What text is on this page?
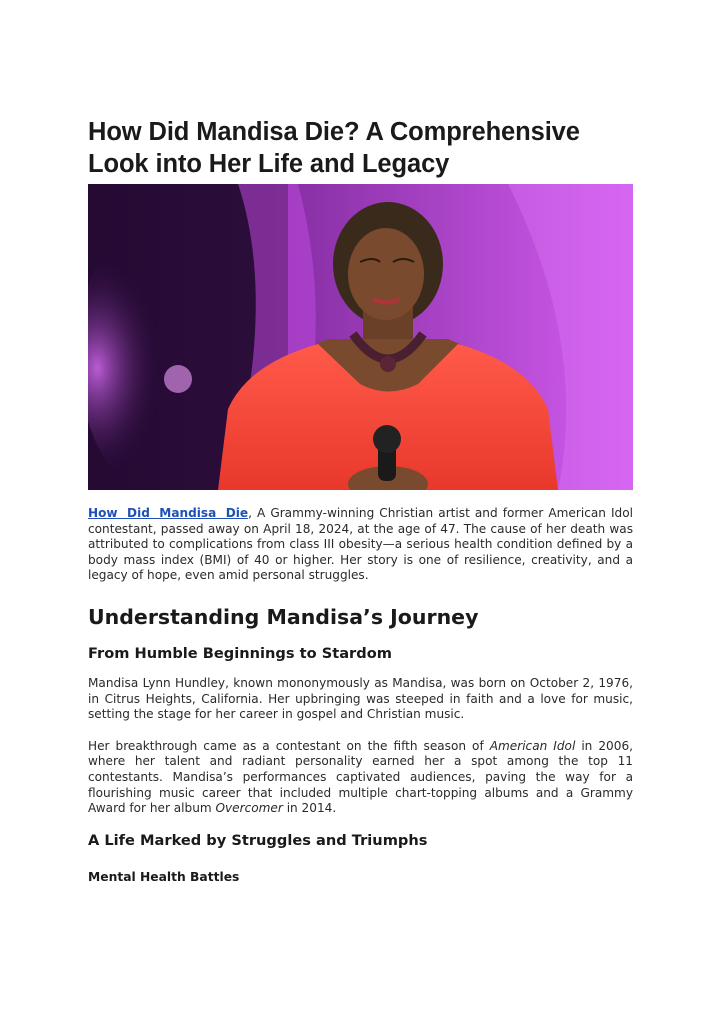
How Did Mandisa Die? A Comprehensive Look into Her Life and Legacy

How Did Mandisa Die, A Grammy-winning Christian artist and former American Idol contestant, passed away on April 18, 2024, at the age of 47. The cause of her death was attributed to complications from class III obesity—a serious health condition defined by a body mass index (BMI) of 40 or higher. Her story is one of resilience, creativity, and a legacy of hope, even amid personal struggles.

Understanding Mandisa’s Journey
From Humble Beginnings to Stardom

Mandisa Lynn Hundley, known mononymously as Mandisa, was born on October 2, 1976, in Citrus Heights, California. Her upbringing was steeped in faith and a love for music, setting the stage for her career in gospel and Christian music.

Her breakthrough came as a contestant on the fifth season of American Idol in 2006, where her talent and radiant personality earned her a spot among the top 11 contestants. Mandisa’s performances captivated audiences, paving the way for a flourishing music career that included multiple chart-topping albums and a Grammy Award for her album Overcomer in 2014.

A Life Marked by Struggles and Triumphs
Mental Health Battles
